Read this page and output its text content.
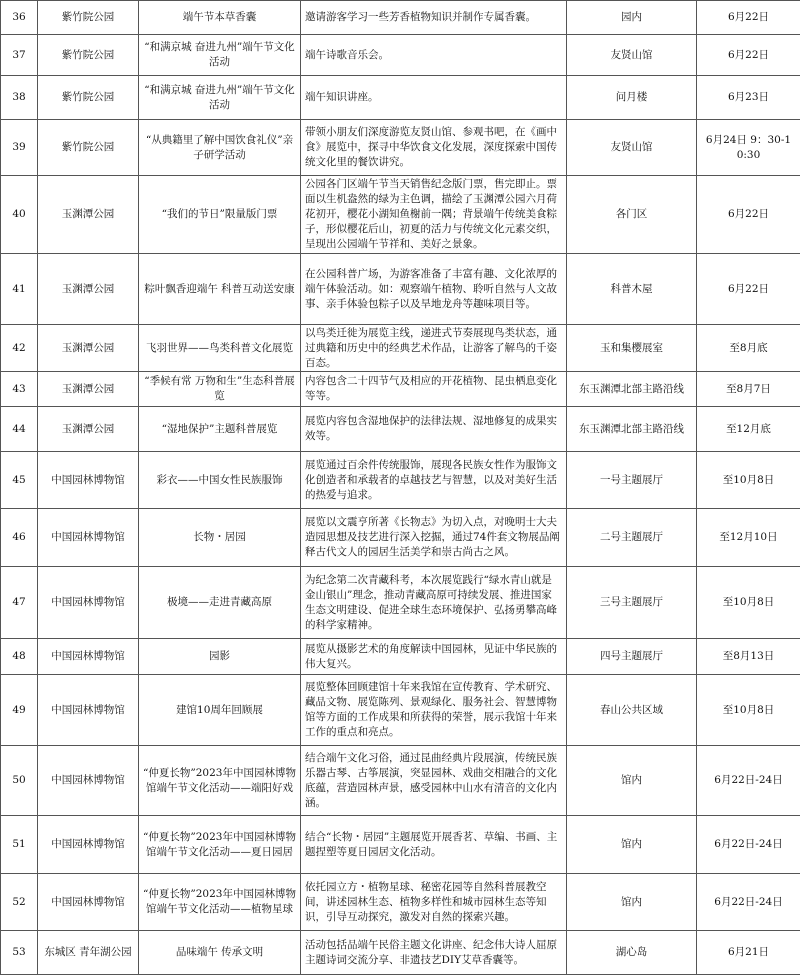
36	紫竹院公园	端午节本草香囊	邀请游客学习一些芳香植物知识并制作专属香囊。	园内	6月22日
37	紫竹院公园	“和满京城 奋进九州”端午节文化活动	端午诗歌音乐会。	友贤山馆	6月22日
38	紫竹院公园	“和满京城 奋进九州”端午节文化活动	端午知识讲座。	问月楼	6月23日
39	紫竹院公园	“从典籍里了解中国饮食礼仪”亲子研学活动	带领小朋友们深度游览友贤山馆、参观书吧，在《画中食》展览中，探寻中华饮食文化发展，深度探索中国传统文化里的餐饮讲究。	友贤山馆	6月24日 9：30-10:30
40	玉渊潭公园	“我们的节日”限量版门票	公园各门区端午节当天销售纪念版门票，售完即止。票面以生机盎然的绿为主色调，描绘了玉渊潭公园六月荷花初开，樱花小湖知鱼榭前一隅；背景端午传统美食粽子，形似樱花后山，初夏的活力与传统文化元素交织，呈现出公园端午节祥和、美好之景象。	各门区	6月22日
41	玉渊潭公园	粽叶飘香迎端午 科普互动送安康	在公园科普广场，为游客准备了丰富有趣、文化浓厚的端午体验活动。如：观察端午植物、聆听自然与人文故事、亲手体验包粽子以及旱地龙舟等趣味项目等。	科普木屋	6月22日
42	玉渊潭公园	飞羽世界——鸟类科普文化展览	以鸟类迁徙为展览主线，递进式节奏展现鸟类状态，通过典籍和历史中的经典艺术作品，让游客了解鸟的千姿百态。	玉和集樱展室	至8月底
43	玉渊潭公园	“季候有常 万物和生”生态科普展览	内容包含二十四节气及相应的开花植物、昆虫栖息变化等等。	东玉渊潭北部主路沿线	至8月7日
44	玉渊潭公园	“湿地保护”主题科普展览	展览内容包含湿地保护的法律法规、湿地修复的成果实效等。	东玉渊潭北部主路沿线	至12月底
45	中国园林博物馆	彩衣——中国女性民族服饰	展览通过百余件传统服饰，展现各民族女性作为服饰文化创造者和承载者的卓越技艺与智慧，以及对美好生活的热爱与追求。	一号主题展厅	至10月8日
46	中国园林博物馆	长物・居园	展览以文震亨所著《长物志》为切入点，对晚明士大夫造园思想及技艺进行深入挖掘，通过74件套文物展品阐释古代文人的园居生活美学和崇古尚古之风。	二号主题展厅	至12月10日
47	中国园林博物馆	极境——走进青藏高原	为纪念第二次青藏科考，本次展览践行“绿水青山就是金山银山”理念，推动青藏高原可持续发展、推进国家生态文明建设、促进全球生态环境保护、弘扬勇攀高峰的科学家精神。	三号主题展厅	至10月8日
48	中国园林博物馆	园影	展览从摄影艺术的角度解读中国园林，见证中华民族的伟大复兴。	四号主题展厅	至8月13日
49	中国园林博物馆	建馆10周年回顾展	展览整体回顾建馆十年来我馆在宣传教育、学术研究、藏品文物、展览陈列、景观绿化、服务社会、智慧博物馆等方面的工作成果和所获得的荣誉，展示我馆十年来工作的重点和亮点。	春山公共区域	至10月8日
50	中国园林博物馆	“仲夏长物”2023年中国园林博物馆端午节文化活动——端阳好戏	结合端午文化习俗，通过昆曲经典片段展演，传统民族乐器古琴、古筝展演，突显园林、戏曲交相融合的文化底蕴，营造园林声景，感受园林中山水有清音的文化内涵。	馆内	6月22日-24日
51	中国园林博物馆	“仲夏长物”2023年中国园林博物馆端午节文化活动——夏日园居	结合“长物・居园”主题展览开展香茗、草编、书画、主题捏塑等夏日园居文化活动。	馆内	6月22日-24日
52	中国园林博物馆	“仲夏长物”2023年中国园林博物馆端午节文化活动——植物星球	依托园立方・植物星球、秘密花园等自然科普展教空间，讲述园林生态、植物多样性和城市园林生态等知识，引导互动探究，激发对自然的探索兴趣。	馆内	6月22日-24日
53	东城区 青年湖公园	品味端午 传承文明	活动包括品端午民俗主题文化讲座、纪念伟大诗人屈原主题诗词交流分享、非遗技艺DIY艾草香囊等。	湖心岛	6月21日
